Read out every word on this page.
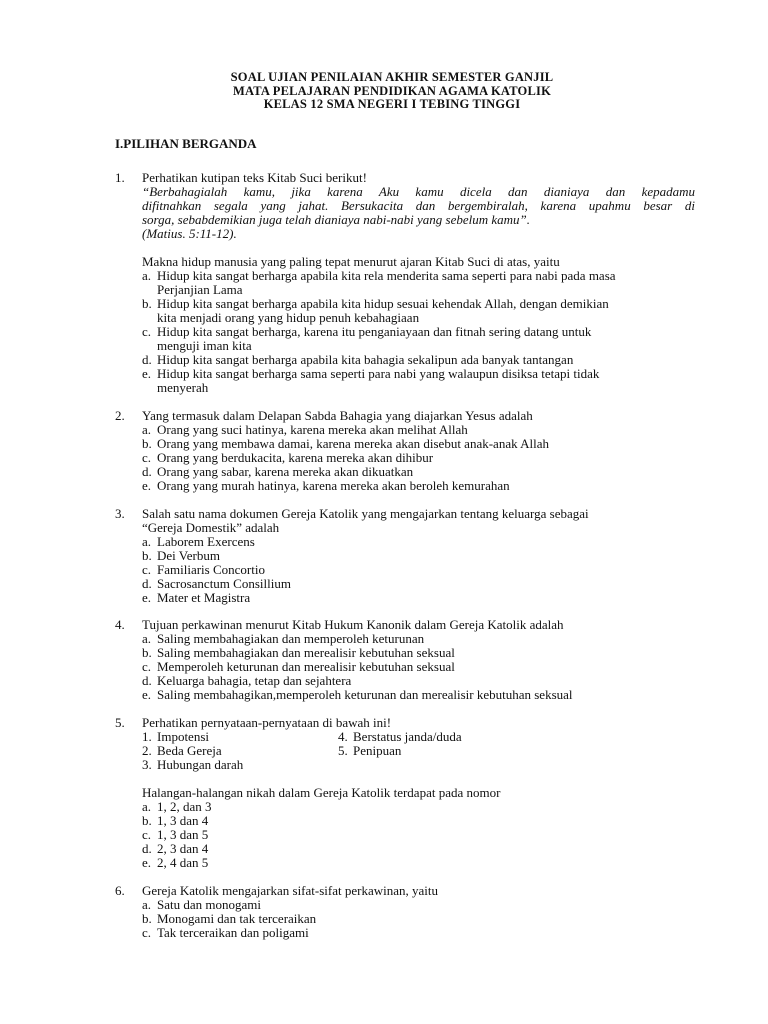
SOAL UJIAN PENILAIAN AKHIR SEMESTER GANJIL
MATA PELAJARAN PENDIDIKAN AGAMA KATOLIK
KELAS 12 SMA NEGERI I TEBING TINGGI
I.PILIHAN BERGANDA
1. Perhatikan kutipan teks Kitab Suci berikut!
“Berbahagialah kamu, jika karena Aku kamu dicela dan dianiaya dan kepadamu
difitnahkan segala yang jahat. Bersukacita dan bergembiralah, karena upahmu besar di
sorga, sebabdemikian juga telah dianiaya nabi-nabi yang sebelum kamu”.
(Matius. 5:11-12).
Makna hidup manusia yang paling tepat menurut ajaran Kitab Suci di atas, yaitu
a. Hidup kita sangat berharga apabila kita rela menderita sama seperti para nabi pada masa
Perjanjian Lama
b. Hidup kita sangat berharga apabila kita hidup sesuai kehendak Allah, dengan demikian
kita menjadi orang yang hidup penuh kebahagiaan
c. Hidup kita sangat berharga, karena itu penganiayaan dan fitnah sering datang untuk
menguji iman kita
d. Hidup kita sangat berharga apabila kita bahagia sekalipun ada banyak tantangan
e. Hidup kita sangat berharga sama seperti para nabi yang walaupun disiksa tetapi tidak
menyerah
2. Yang termasuk dalam Delapan Sabda Bahagia yang diajarkan Yesus adalah
a. Orang yang suci hatinya, karena mereka akan melihat Allah
b. Orang yang membawa damai, karena mereka akan disebut anak-anak Allah
c. Orang yang berdukacita, karena mereka akan dihibur
d. Orang yang sabar, karena mereka akan dikuatkan
e. Orang yang murah hatinya, karena mereka akan beroleh kemurahan
3. Salah satu nama dokumen Gereja Katolik yang mengajarkan tentang keluarga sebagai
“Gereja Domestik” adalah
a. Laborem Exercens
b. Dei Verbum
c. Familiaris Concortio
d. Sacrosanctum Consillium
e. Mater et Magistra
4. Tujuan perkawinan menurut Kitab Hukum Kanonik dalam Gereja Katolik adalah
a. Saling membahagiakan dan memperoleh keturunan
b. Saling membahagiakan dan merealisir kebutuhan seksual
c. Memperoleh keturunan dan merealisir kebutuhan seksual
d. Keluarga bahagia, tetap dan sejahtera
e. Saling membahagikan,memperoleh keturunan dan merealisir kebutuhan seksual
5. Perhatikan pernyataan-pernyataan di bawah ini!
1. Impotensi	4. Berstatus janda/duda
2. Beda Gereja	5. Penipuan
3. Hubungan darah
Halangan-halangan nikah dalam Gereja Katolik terdapat pada nomor
a. 1, 2, dan 3
b. 1, 3 dan 4
c. 1, 3 dan 5
d. 2, 3 dan 4
e. 2, 4 dan 5
6. Gereja Katolik mengajarkan sifat-sifat perkawinan, yaitu
a. Satu dan monogami
b. Monogami dan tak terceraikan
c. Tak terceraikan dan poligami
